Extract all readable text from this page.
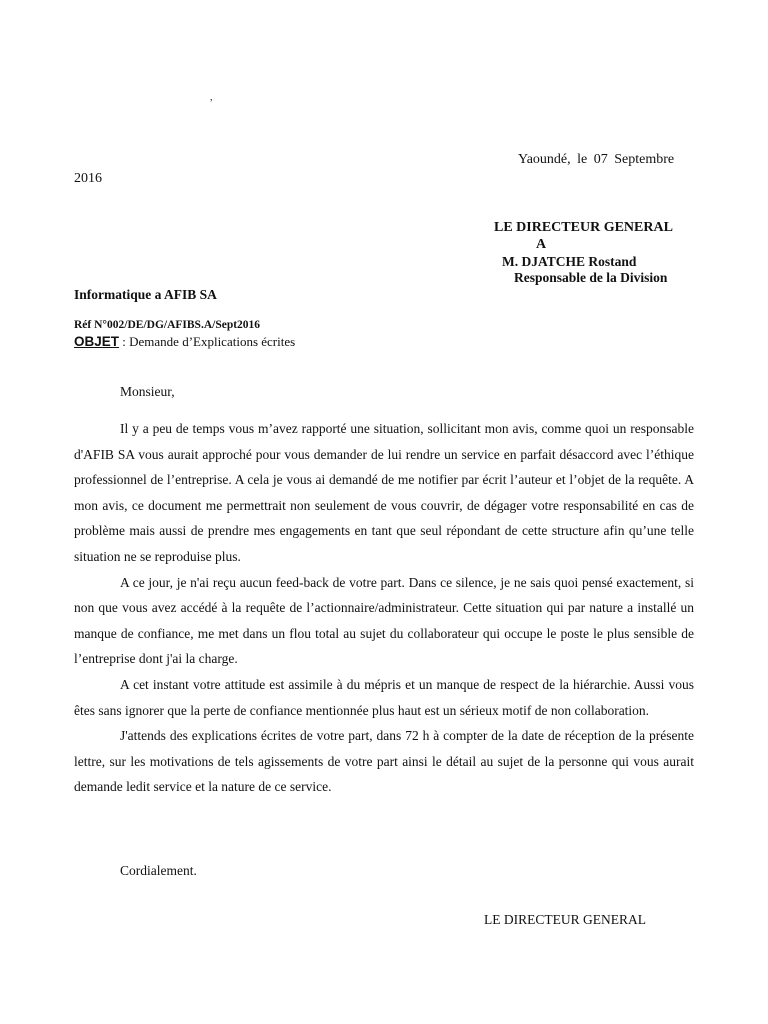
,
Yaoundé, le 07 Septembre
2016
LE DIRECTEUR GENERAL
A
M. DJATCHE Rostand
Responsable de la Division
Informatique a AFIB SA
Réf N°002/DE/DG/AFIBS.A/Sept2016
OBJET : Demande d’Explications écrites
Monsieur,

Il y a peu de temps vous m’avez rapporté une situation, sollicitant mon avis, comme quoi un responsable d'AFIB SA vous aurait approché pour vous demander de lui rendre un service en parfait désaccord avec l’éthique professionnel de l’entreprise. A cela je vous ai demandé de me notifier par écrit l’auteur et l’objet de la requête. A mon avis, ce document me permettrait non seulement de vous couvrir, de dégager votre responsabilité en cas de problème mais aussi de prendre mes engagements en tant que seul répondant de cette structure afin qu’une telle situation ne se reproduise plus.

A ce jour, je n'ai reçu aucun feed-back de votre part. Dans ce silence, je ne sais quoi pensé exactement, si non que vous avez accédé à la requête de l’actionnaire/administrateur. Cette situation qui par nature a installé un manque de confiance, me met dans un flou total au sujet du collaborateur qui occupe le poste le plus sensible de l’entreprise dont j'ai la charge.

A cet instant votre attitude est assimile à du mépris et un manque de respect de la hiérarchie. Aussi vous êtes sans ignorer que la perte de confiance mentionnée plus haut est un sérieux motif de non collaboration.

J'attends des explications écrites de votre part, dans 72 h à compter de la date de réception de la présente lettre, sur les motivations de tels agissements de votre part ainsi le détail au sujet de la personne qui vous aurait demande ledit service et la nature de ce service.

Cordialement.
LE DIRECTEUR GENERAL
